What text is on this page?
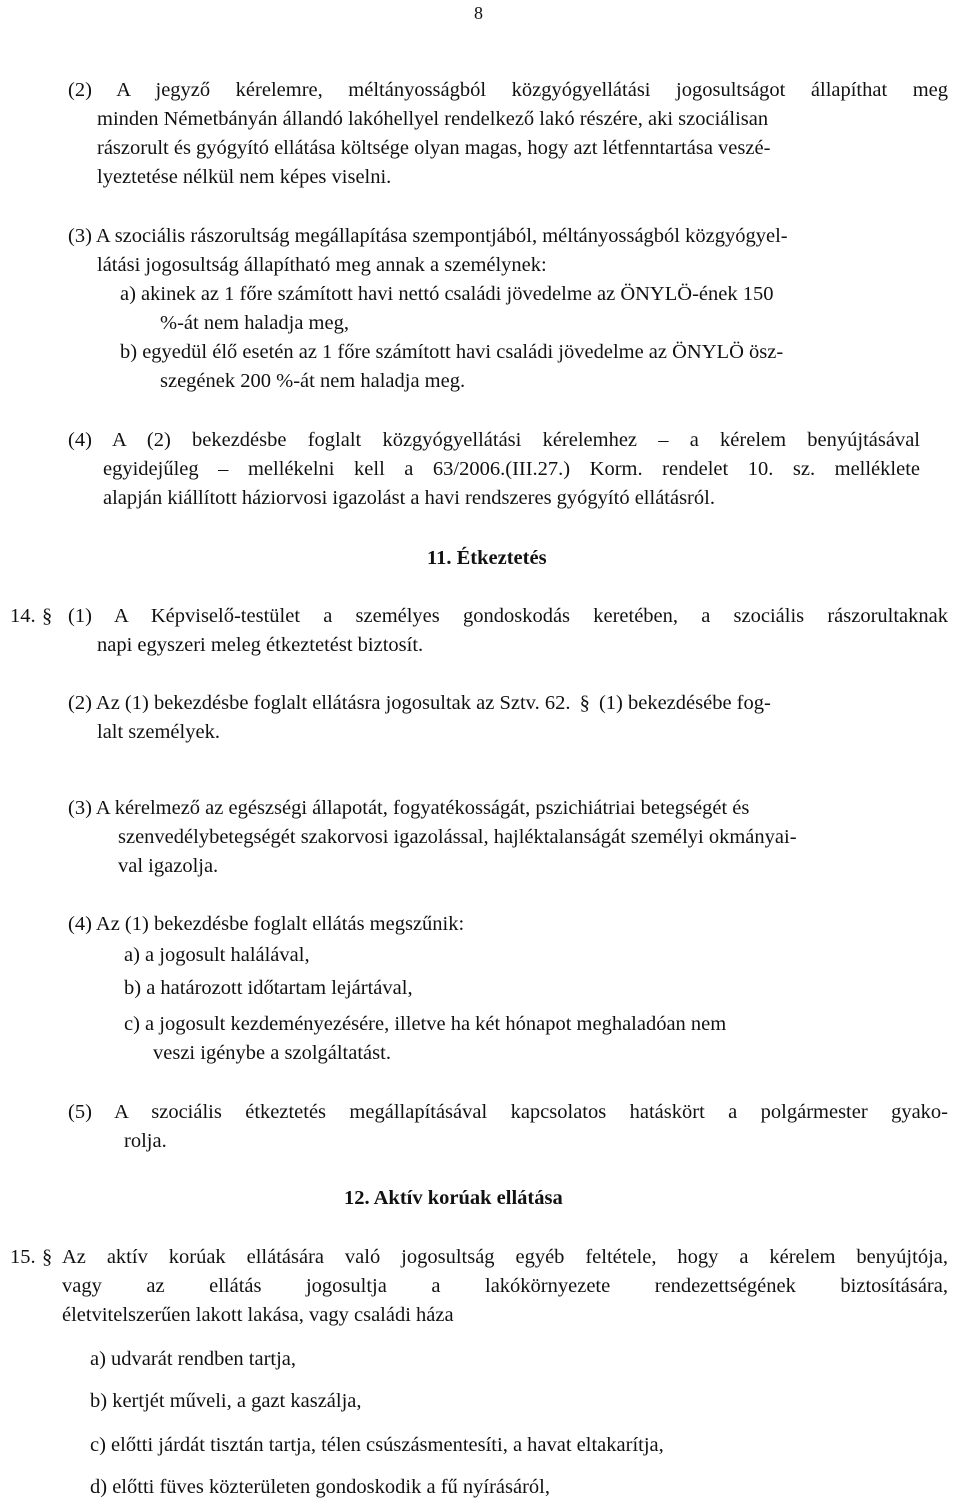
8
(2) A jegyző kérelemre, méltányosságból közgyógyellátási jogosultságot állapíthat meg
minden Németbányán állandó lakóhellyel rendelkező lakó részére, aki szociálisan
rászorult és gyógyító ellátása költsége olyan magas, hogy azt létfenntartása veszé-
lyeztetése nélkül nem képes viselni.
(3) A szociális rászorultság megállapítása szempontjából, méltányosságból közgyógyel-
látási jogosultság állapítható meg annak a személynek:
a) akinek az 1 főre számított havi nettó családi jövedelme az ÖNYLÖ-ének 150
%-át nem haladja meg,
b) egyedül élő esetén az 1 főre számított havi családi jövedelme az ÖNYLÖ ösz-
szegének 200 %-át nem haladja meg.
(4) A (2) bekezdésbe foglalt közgyógyellátási kérelemhez – a kérelem benyújtásával
egyidejűleg – mellékelni kell a 63/2006.(III.27.) Korm. rendelet 10. sz. melléklete
alapján kiállított háziorvosi igazolást a havi rendszeres gyógyító ellátásról.
11. Étkeztetés
14. § (1) A Képviselő-testület a személyes gondoskodás keretében, a szociális rászorultaknak
napi egyszeri meleg étkeztetést biztosít.
(2) Az (1) bekezdésbe foglalt ellátásra jogosultak az Sztv. 62. § (1) bekezdésébe fog-
lalt személyek.
(3) A kérelmező az egészségi állapotát, fogyatékosságát, pszichiátriai betegségét és
szenvedélybetegségét szakorvosi igazolással, hajléktalanságát személyi okmányai-
val igazolja.
(4) Az (1) bekezdésbe foglalt ellátás megszűnik:
a) a jogosult halálával,
b) a határozott időtartam lejártával,
c) a jogosult kezdeményezésére, illetve ha két hónapot meghaladóan nem
veszi igénybe a szolgáltatást.
(5) A szociális étkeztetés megállapításával kapcsolatos hatáskört a polgármester gyako-
rolja.
12. Aktív korúak ellátása
15. § Az aktív korúak ellátására való jogosultság egyéb feltétele, hogy a kérelem benyújtója,
vagy az ellátás jogosultja a lakókörnyezete rendezettségének biztosítására,
életvitelszerűen lakott lakása, vagy családi háza
a) udvarát rendben tartja,
b) kertjét műveli, a gazt kaszálja,
c) előtti járdát tisztán tartja, télen csúszásmentesíti, a havat eltakarítja,
d) előtti füves közterületen gondoskodik a fű nyírásáról,
